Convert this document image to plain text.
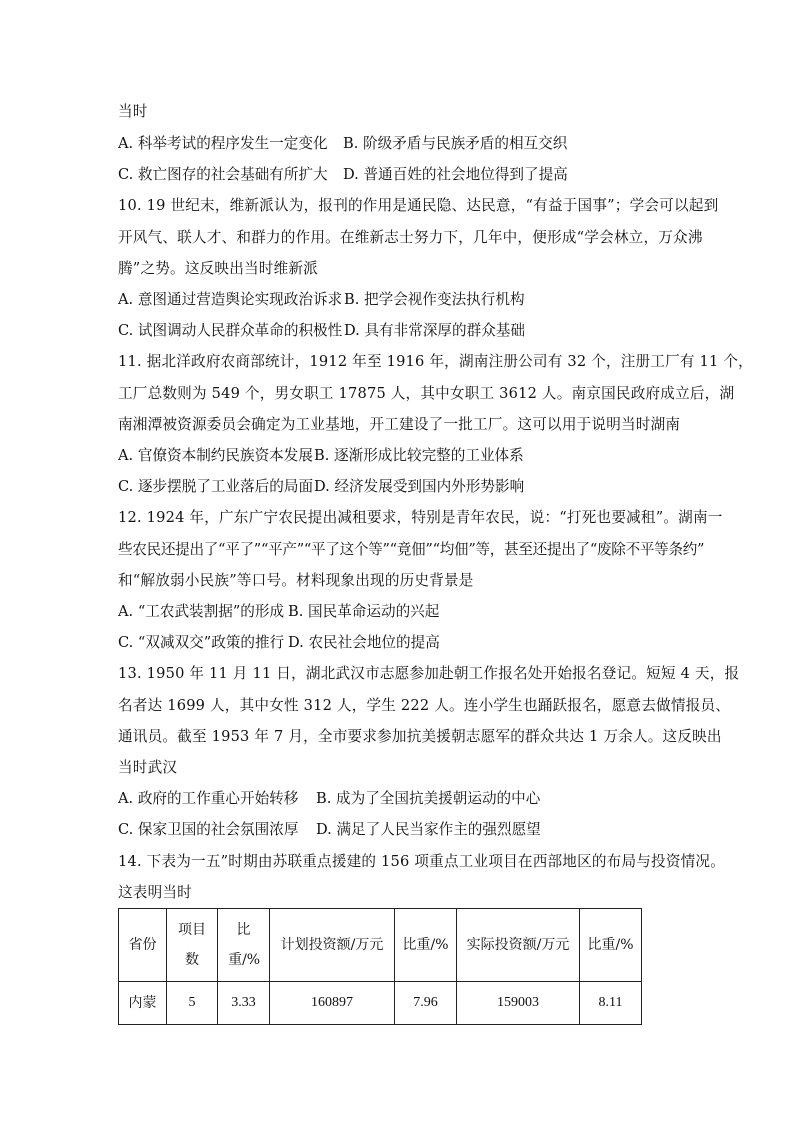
当时
A. 科举考试的程序发生一定变化 B. 阶级矛盾与民族矛盾的相互交织
C. 救亡图存的社会基础有所扩大 D. 普通百姓的社会地位得到了提高
10. 19 世纪末，维新派认为，报刊的作用是通民隐、达民意，“有益于国事”；学会可以起到
开风气、联人才、和群力的作用。在维新志士努力下，几年中，便形成“学会林立，万众沸
腾”之势。这反映出当时维新派
A. 意图通过营造舆论实现政治诉求 B. 把学会视作变法执行机构
C. 试图调动人民群众革命的积极性 D. 具有非常深厚的群众基础
11. 据北洋政府农商部统计，1912 年至 1916 年，湖南注册公司有 32 个，注册工厂有 11 个，
工厂总数则为 549 个，男女职工 17875 人，其中女职工 3612 人。南京国民政府成立后，湖
南湘潭被资源委员会确定为工业基地，开工建设了一批工厂。这可以用于说明当时湖南
A. 官僚资本制约民族资本发展 B. 逐渐形成比较完整的工业体系
C. 逐步摆脱了工业落后的局面 D. 经济发展受到国内外形势影响
12. 1924 年，广东广宁农民提出减租要求，特别是青年农民，说：“打死也要减租”。湖南一
些农民还提出了“平了”“平产”“平了这个等”“竟佃”“均佃”等，甚至还提出了“废除不平等条约”
和“解放弱小民族”等口号。材料现象出现的历史背景是
A. “工农武装割据”的形成 B. 国民革命运动的兴起
C. “双减双交”政策的推行 D. 农民社会地位的提高
13. 1950 年 11 月 11 日，湖北武汉市志愿参加赴朝工作报名处开始报名登记。短短 4 天，报
名者达 1699 人，其中女性 312 人，学生 222 人。连小学生也踊跃报名，愿意去做情报员、
通讯员。截至 1953 年 7 月，全市要求参加抗美援朝志愿军的群众共达 1 万余人。这反映出
当时武汉
A. 政府的工作重心开始转移 B. 成为了全国抗美援朝运动的中心
C. 保家卫国的社会氛围浓厚 D. 满足了人民当家作主的强烈愿望
14. 下表为一五”时期由苏联重点援建的 156 项重点工业项目在西部地区的布局与投资情况。
这表明当时
省份	项目数	比重/%	计划投资额/万元	比重/%	实际投资额/万元	比重/%
内蒙	5	3.33	160897	7.96	159003	8.11
